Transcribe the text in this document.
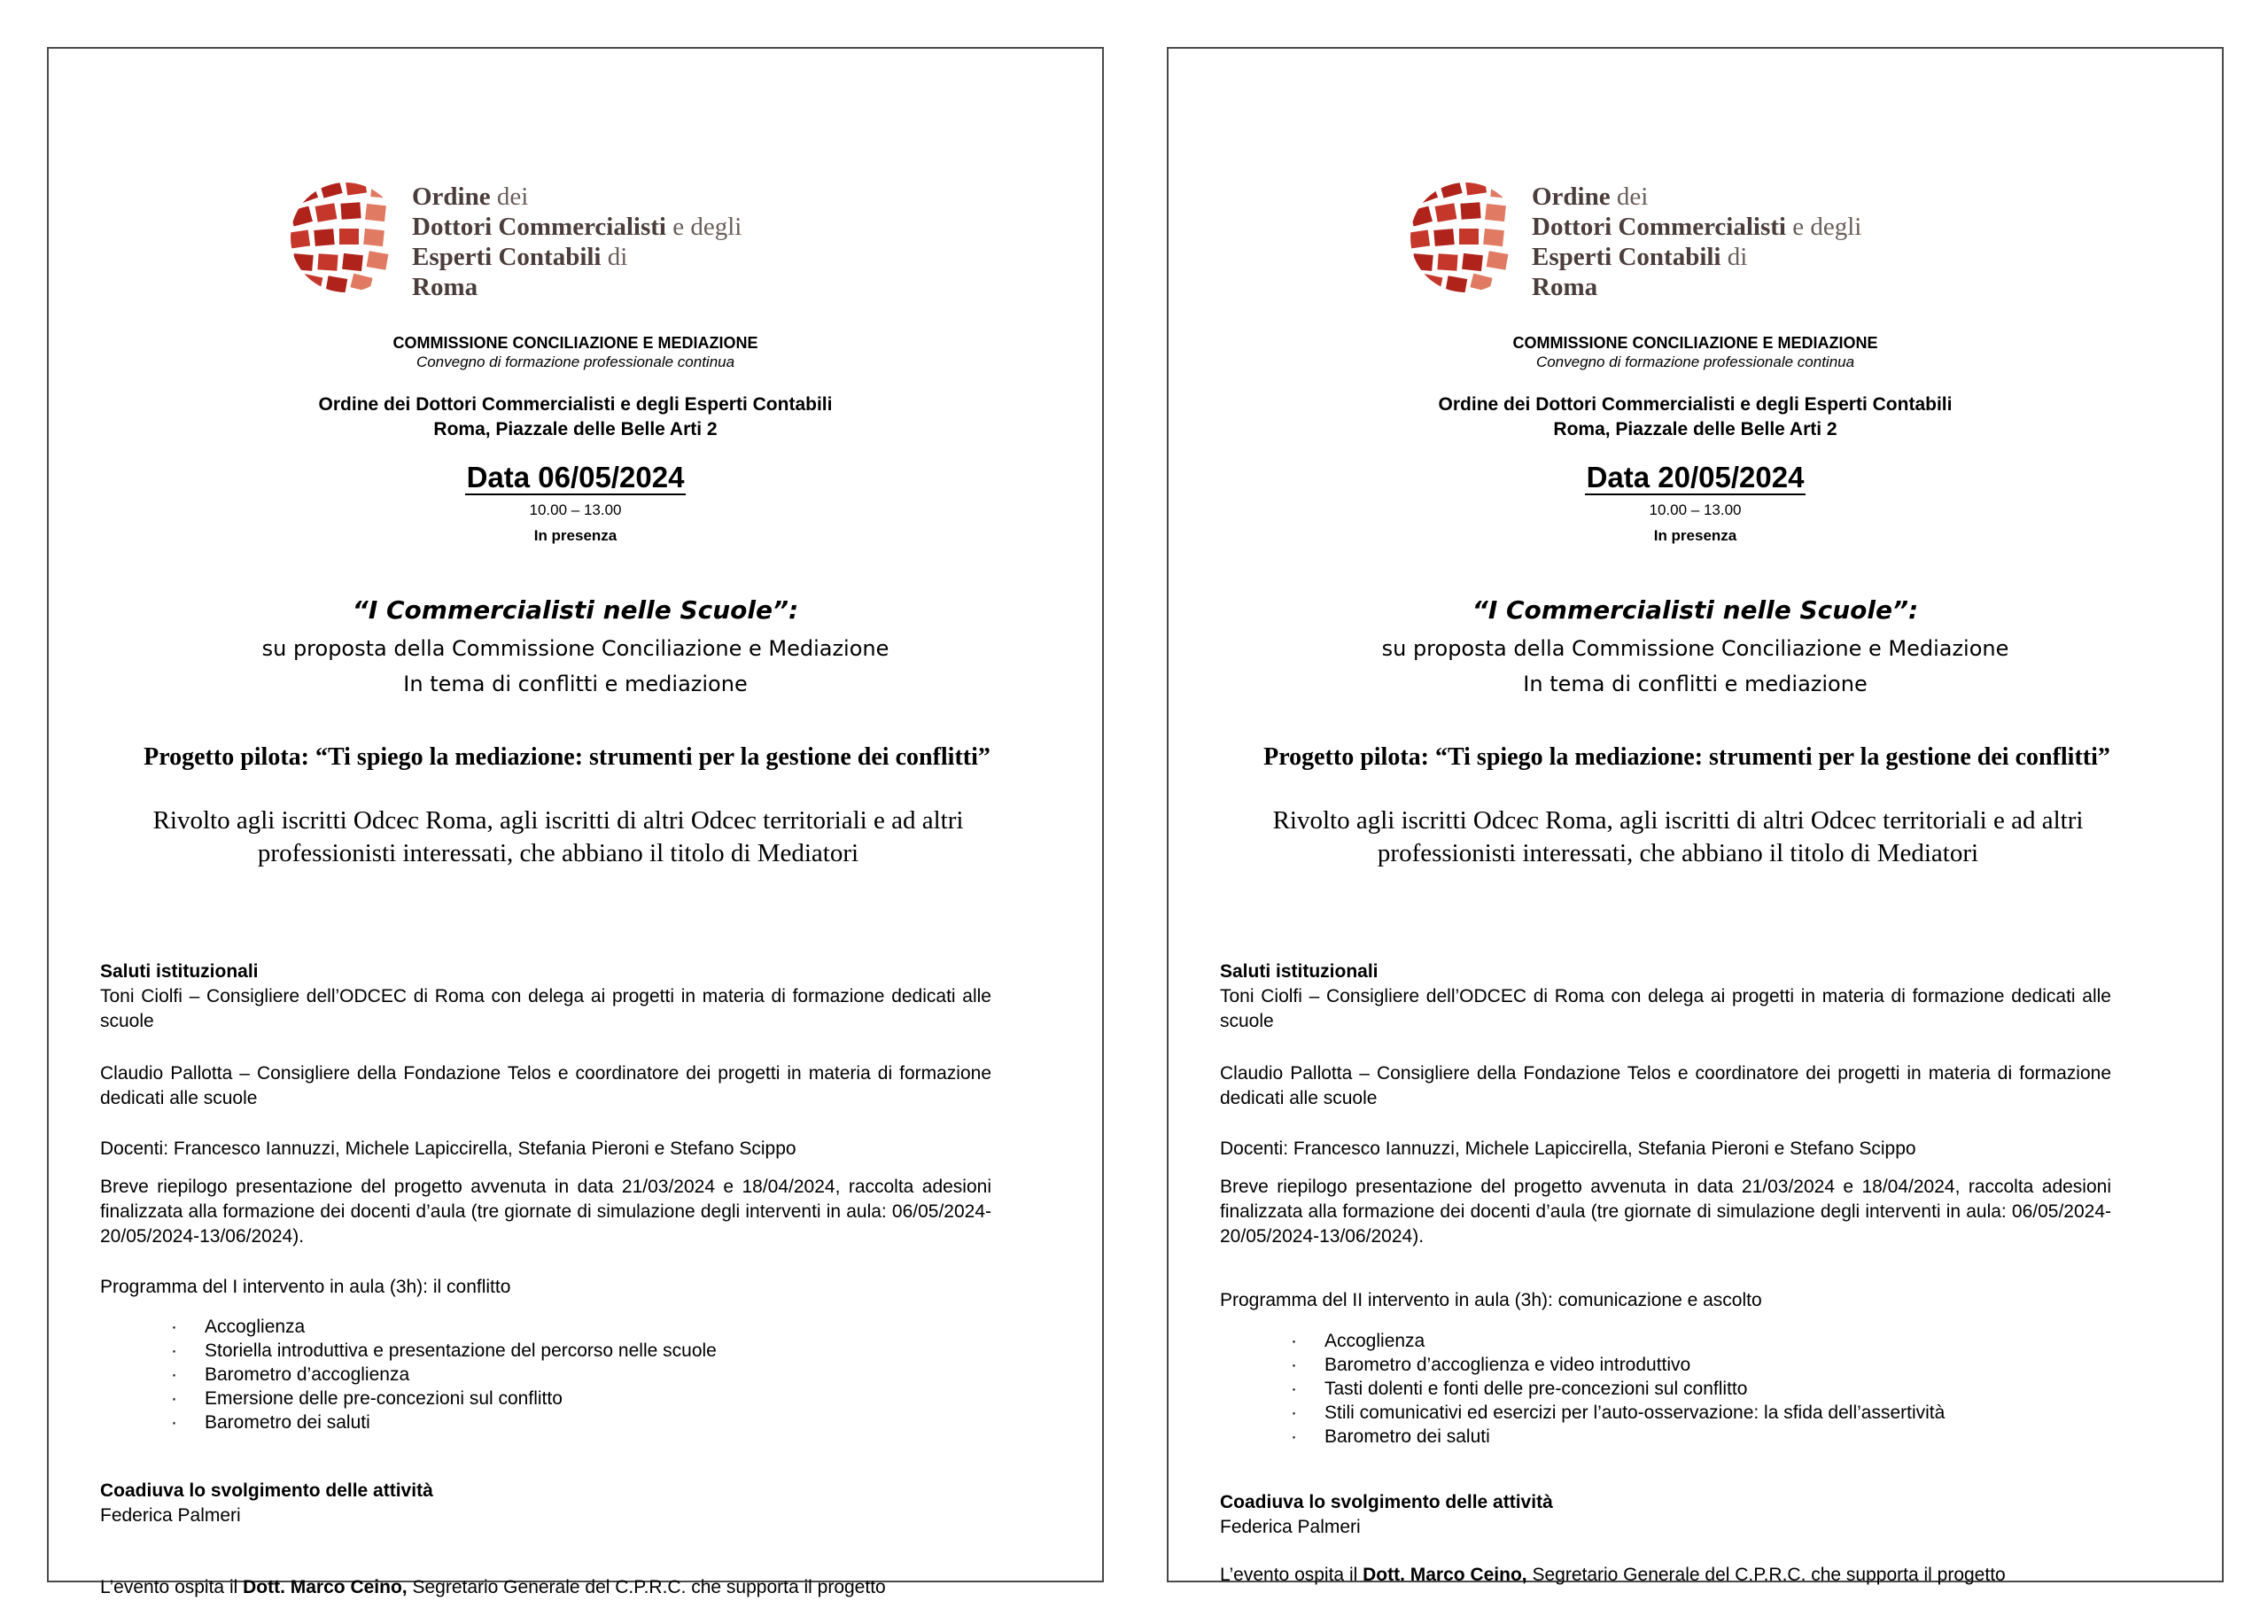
Ordine dei
Dottori Commercialisti e degli
Esperti Contabili di
Roma
COMMISSIONE CONCILIAZIONE E MEDIAZIONE
Convegno di formazione professionale continua
Ordine dei Dottori Commercialisti e degli Esperti Contabili
Roma, Piazzale delle Belle Arti 2
Data 06/05/2024
10.00 – 13.00
In presenza
“I Commercialisti nelle Scuole”:
su proposta della Commissione Conciliazione e Mediazione
In tema di conflitti e mediazione
Progetto pilota: “Ti spiego la mediazione: strumenti per la gestione dei conflitti”
Rivolto agli iscritti Odcec Roma, agli iscritti di altri Odcec territoriali e ad altri professionisti interessati, che abbiano il titolo di Mediatori
Saluti istituzionali
Toni Ciolfi – Consigliere dell’ODCEC di Roma con delega ai progetti in materia di formazione dedicati alle scuole
Claudio Pallotta – Consigliere della Fondazione Telos e coordinatore dei progetti in materia di formazione dedicati alle scuole
Docenti: Francesco Iannuzzi, Michele Lapiccirella, Stefania Pieroni e Stefano Scippo
Breve riepilogo presentazione del progetto avvenuta in data 21/03/2024 e 18/04/2024, raccolta adesioni finalizzata alla formazione dei docenti d’aula (tre giornate di simulazione degli interventi in aula: 06/05/2024-20/05/2024-13/06/2024).
Programma del I intervento in aula (3h): il conflitto
· Accoglienza
· Storiella introduttiva e presentazione del percorso nelle scuole
· Barometro d’accoglienza
· Emersione delle pre-concezioni sul conflitto
· Barometro dei saluti
Coadiuva lo svolgimento delle attività
Federica Palmeri
L’evento ospita il Dott. Marco Ceino, Segretario Generale del C.P.R.C. che supporta il progetto
Ordine dei
Dottori Commercialisti e degli
Esperti Contabili di
Roma
COMMISSIONE CONCILIAZIONE E MEDIAZIONE
Convegno di formazione professionale continua
Ordine dei Dottori Commercialisti e degli Esperti Contabili
Roma, Piazzale delle Belle Arti 2
Data 20/05/2024
10.00 – 13.00
In presenza
“I Commercialisti nelle Scuole”:
su proposta della Commissione Conciliazione e Mediazione
In tema di conflitti e mediazione
Progetto pilota: “Ti spiego la mediazione: strumenti per la gestione dei conflitti”
Rivolto agli iscritti Odcec Roma, agli iscritti di altri Odcec territoriali e ad altri professionisti interessati, che abbiano il titolo di Mediatori
Saluti istituzionali
Toni Ciolfi – Consigliere dell’ODCEC di Roma con delega ai progetti in materia di formazione dedicati alle scuole
Claudio Pallotta – Consigliere della Fondazione Telos e coordinatore dei progetti in materia di formazione dedicati alle scuole
Docenti: Francesco Iannuzzi, Michele Lapiccirella, Stefania Pieroni e Stefano Scippo
Breve riepilogo presentazione del progetto avvenuta in data 21/03/2024 e 18/04/2024, raccolta adesioni finalizzata alla formazione dei docenti d’aula (tre giornate di simulazione degli interventi in aula: 06/05/2024-20/05/2024-13/06/2024).
Programma del II intervento in aula (3h): comunicazione e ascolto
· Accoglienza
· Barometro d’accoglienza e video introduttivo
· Tasti dolenti e fonti delle pre-concezioni sul conflitto
· Stili comunicativi ed esercizi per l’auto-osservazione: la sfida dell’assertività
· Barometro dei saluti
Coadiuva lo svolgimento delle attività
Federica Palmeri
L’evento ospita il Dott. Marco Ceino, Segretario Generale del C.P.R.C. che supporta il progetto
